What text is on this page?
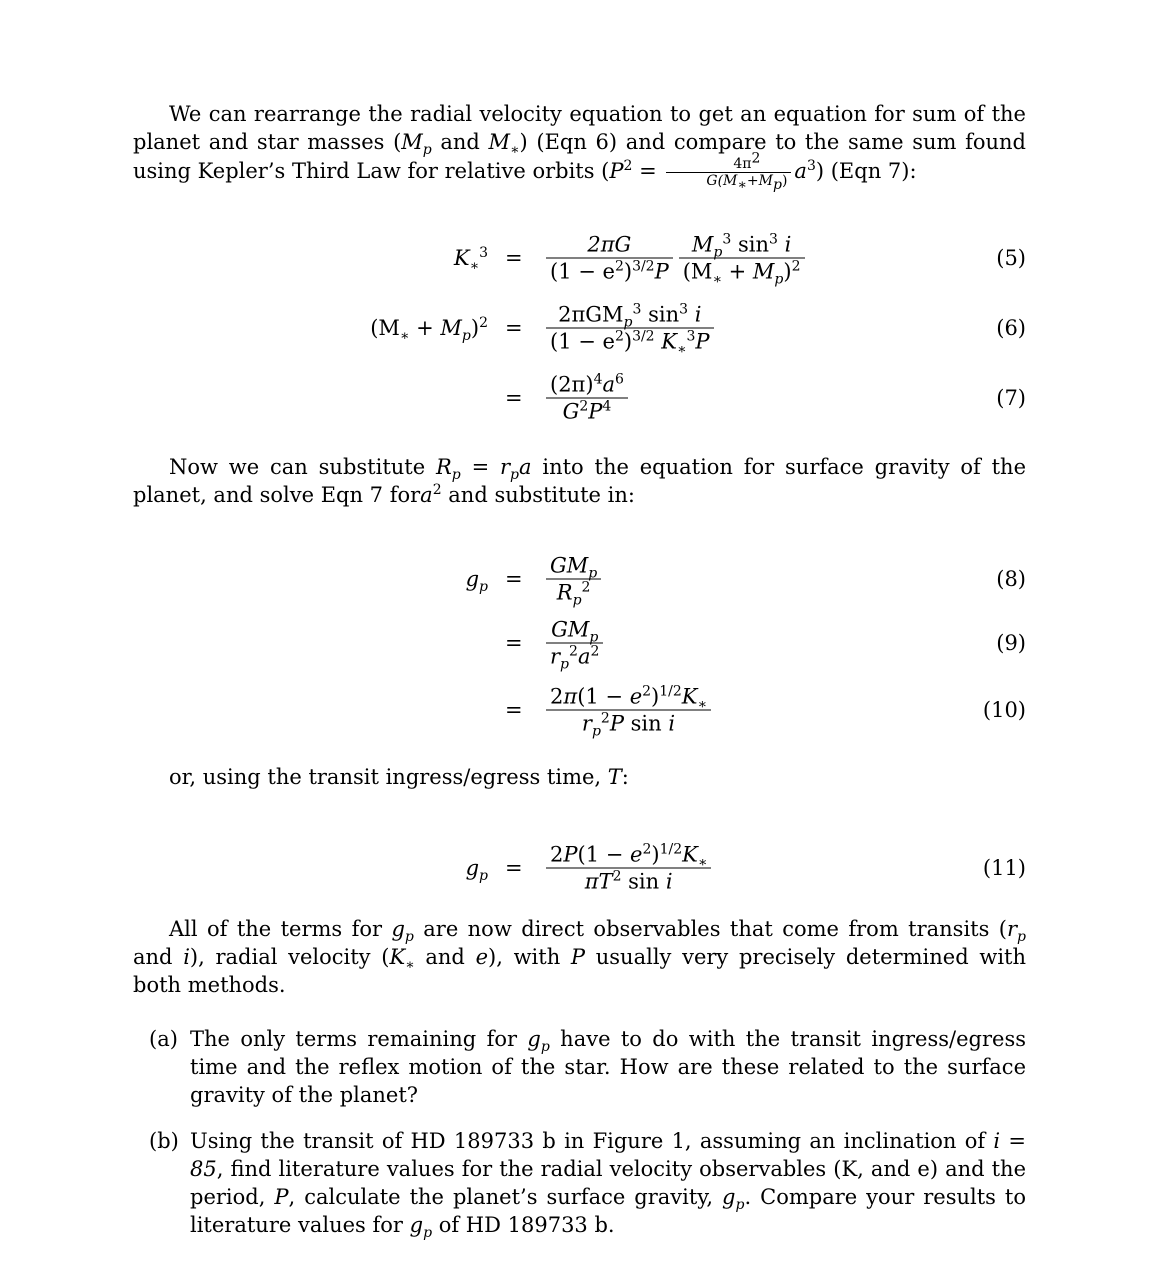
We can rearrange the radial velocity equation to get an equation for sum of the planet and star masses ($M_p$ and $M_∗$) (Eqn 6) and compare to the same sum found using Kepler’s Third Law for relative orbits $(P^2 = \frac{4\pi^2}{G(M_∗+M_p)} a^3)$ (Eqn 7):

$K_∗^3 = \frac{2\pi G}{(1 - e^2)^{3/2}P} \frac{M_p^3 \sin^3 i}{(M_∗ + M_p)^2}$	(5)
$(M_∗ + M_p)^2 = \frac{2\pi GM_p^3 \sin^3 i}{(1 - e^2)^{3/2} K_∗^3P}$	(6)
= $\frac{(2\pi)^4a^6}{G^2P^4}$	(7)

Now we can substitute $R_p = r_pa$ into the equation for surface gravity of the planet, and solve Eqn 7 fora$^2$ and substitute in:

$g_p = \frac{GM_p}{R_p^2}$	(8)
= $\frac{GM_p}{r_p^2a^2}$	(9)
= $\frac{2\pi(1 - e^2)^{1/2}K_∗}{r_p^2P \sin i}$	(10)

or, using the transit ingress/egress time, T:

$g_p = \frac{2P(1 - e^2)^{1/2}K_∗}{\pi T^2 \sin i}$	(11)

All of the terms for $g_p$ are now direct observables that come from transits ($r_p$ and i), radial velocity ($K_∗$ and e), with P usually very precisely determined with both methods.

(a) The only terms remaining for $g_p$ have to do with the transit ingress/egress time and the reflex motion of the star. How are these related to the surface gravity of the planet?
(b) Using the transit of HD 189733 b in Figure 1, assuming an inclination of i = 85, find literature values for the radial velocity observables (K, and e) and the period, P, calculate the planet’s surface gravity, $g_p$. Compare your results to literature values for $g_p$ of HD 189733 b.
